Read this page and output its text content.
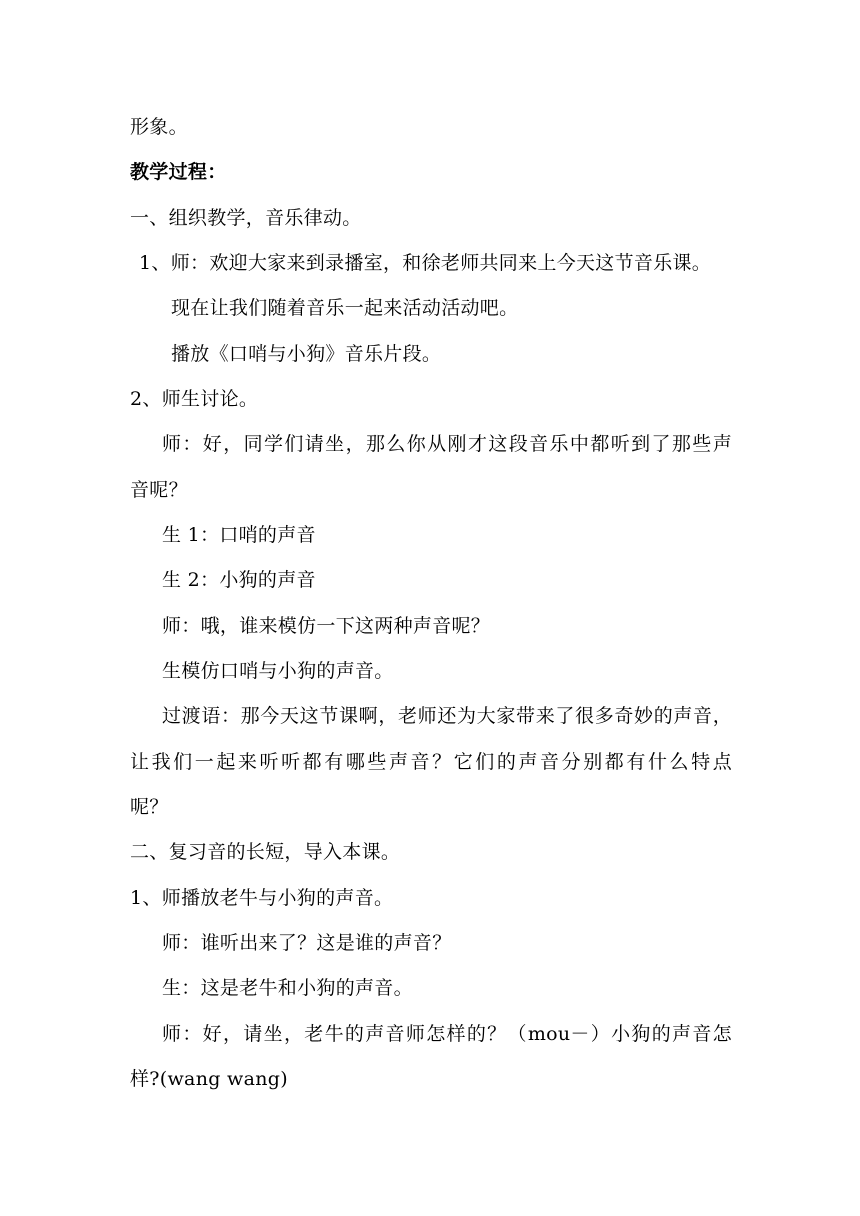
形象。
教学过程：
一、组织教学，音乐律动。
1、师：欢迎大家来到录播室，和徐老师共同来上今天这节音乐课。
现在让我们随着音乐一起来活动活动吧。
播放《口哨与小狗》音乐片段。
2、师生讨论。
师：好，同学们请坐，那么你从刚才这段音乐中都听到了那些声
音呢？
生 1：口哨的声音
生 2：小狗的声音
师：哦，谁来模仿一下这两种声音呢？
生模仿口哨与小狗的声音。
过渡语：那今天这节课啊，老师还为大家带来了很多奇妙的声音，
让我们一起来听听都有哪些声音？它们的声音分别都有什么特点
呢？
二、复习音的长短，导入本课。
1、师播放老牛与小狗的声音。
师：谁听出来了？这是谁的声音？
生：这是老牛和小狗的声音。
师：好，请坐，老牛的声音师怎样的？（mou－）小狗的声音怎
样?(wang wang)
